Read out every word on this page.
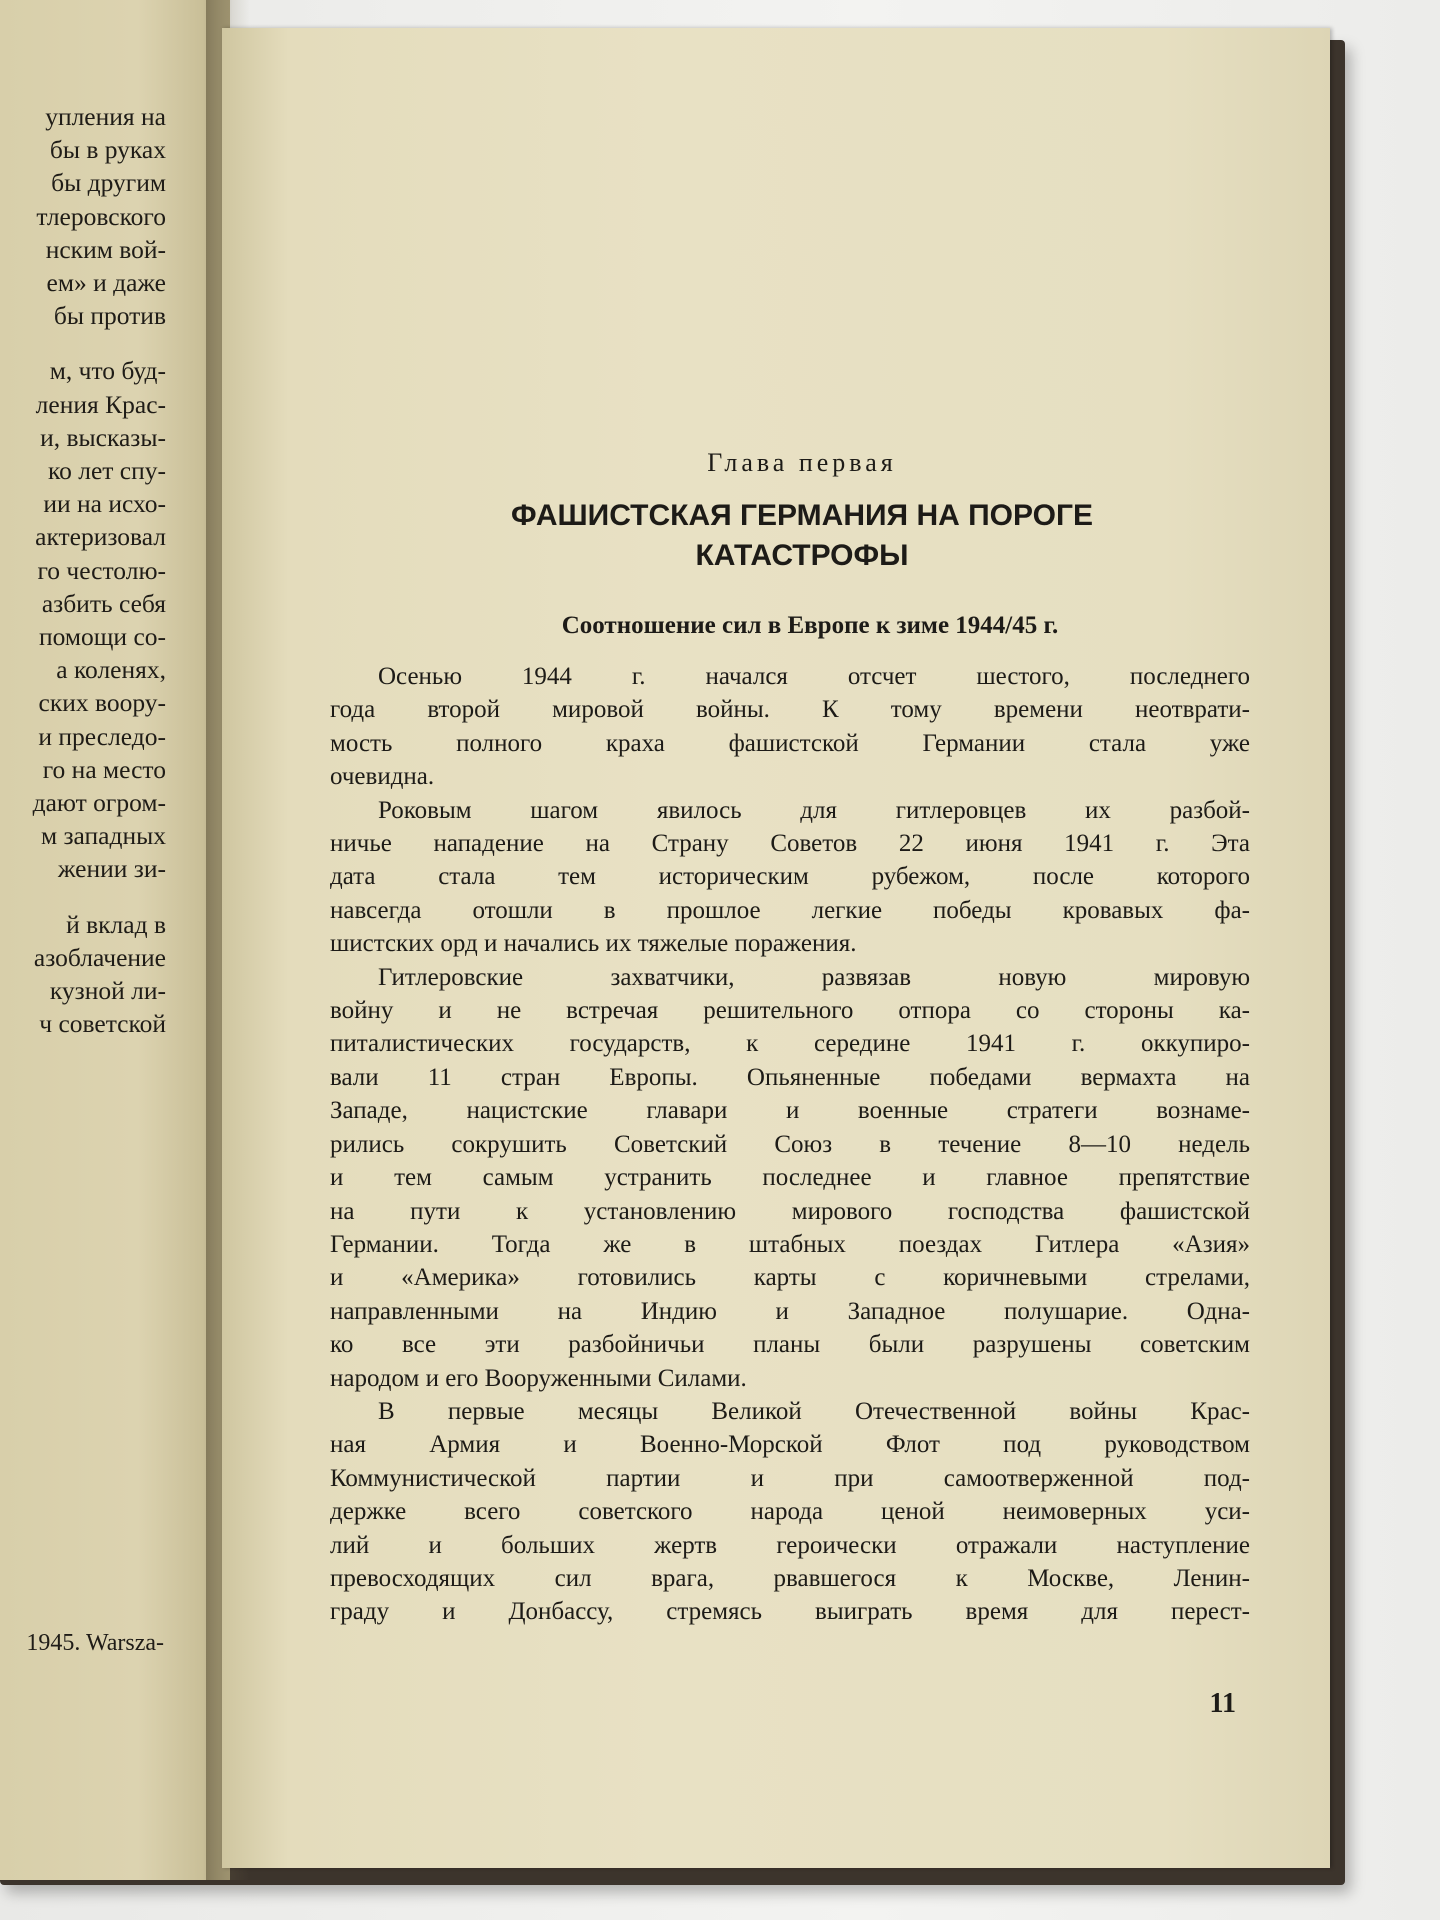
упления на
бы в руках
бы другим
тлеровского
нским вой-
ем» и даже
бы против
м, что буд-
ления Крас-
и, высказы-
ко лет спу-
ии на исхо-
актеризовал
го честолю-
азбить себя
помощи со-
а коленях,
ских воору-
и преследо-
го на место
дают огром-
м западных
жении зи-
й вклад в
азоблачение
кузной ли-
ч советской
1945. Warsza-
Глава первая
ФАШИСТСКАЯ ГЕРМАНИЯ НА ПОРОГЕ
КАТАСТРОФЫ
Соотношение сил в Европе к зиме 1944/45 г.
Осенью 1944 г. начался отсчет шестого, последнего
года второй мировой войны. К тому времени неотврати-
мость полного краха фашистской Германии стала уже
очевидна.
Роковым шагом явилось для гитлеровцев их разбой-
ничье нападение на Страну Советов 22 июня 1941 г. Эта
дата стала тем историческим рубежом, после которого
навсегда отошли в прошлое легкие победы кровавых фа-
шистских орд и начались их тяжелые поражения.
Гитлеровские захватчики, развязав новую мировую
войну и не встречая решительного отпора со стороны ка-
питалистических государств, к середине 1941 г. оккупиро-
вали 11 стран Европы. Опьяненные победами вермахта на
Западе, нацистские главари и военные стратеги вознаме-
рились сокрушить Советский Союз в течение 8—10 недель
и тем самым устранить последнее и главное препятствие
на пути к установлению мирового господства фашистской
Германии. Тогда же в штабных поездах Гитлера «Азия»
и «Америка» готовились карты с коричневыми стрелами,
направленными на Индию и Западное полушарие. Однa-
ко все эти разбойничьи планы были разрушены советским
народом и его Вооруженными Силами.
В первые месяцы Великой Отечественной войны Крас-
ная Армия и Военно-Морской Флот под руководством
Коммунистической партии и при самоотверженной под-
держке всего советского народа ценой неимоверных уси-
лий и больших жертв героически отражали наступление
превосходящих сил врага, рвавшегося к Москве, Ленин-
граду и Донбассу, стремясь выиграть время для перест-
11
